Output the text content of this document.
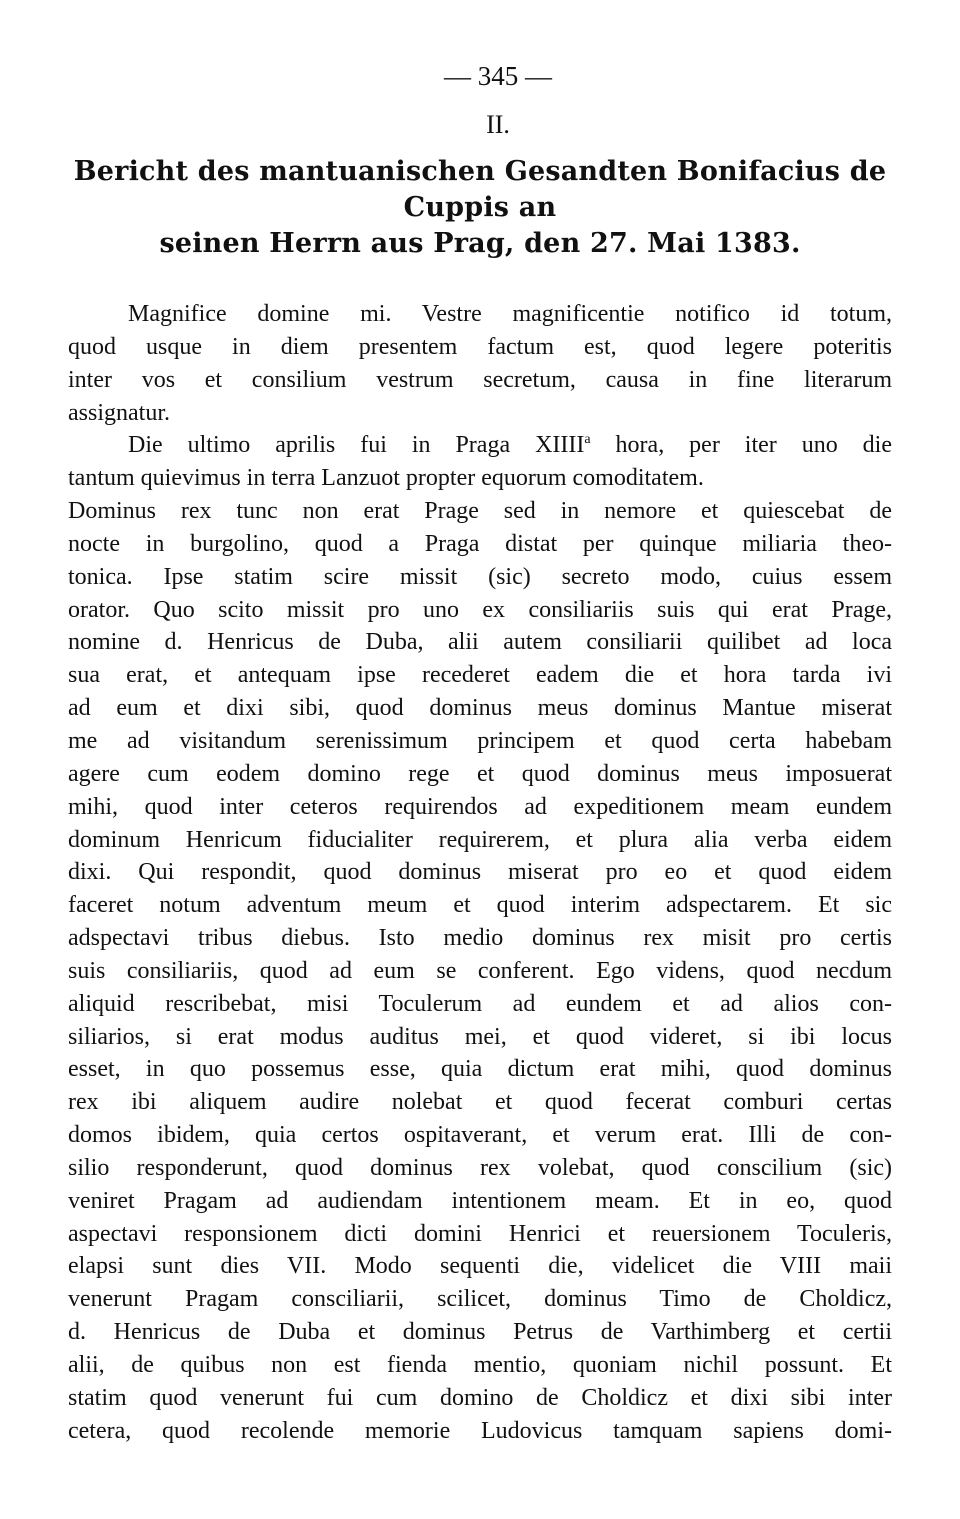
— 345 —
II.
Bericht des mantuanischen Gesandten Bonifacius de Cuppis an
seinen Herrn aus Prag, den 27. Mai 1383.
Magnifice domine mi. Vestre magnificentie notifico id totum,
quod usque in diem presentem factum est, quod legere poteritis
inter vos et consilium vestrum secretum, causa in fine literarum
assignatur.
Die ultimo aprilis fui in Praga XIIII$^a$ hora, per iter uno die
tantum quievimus in terra Lanzuot propter equorum comoditatem.
Dominus rex tunc non erat Prage sed in nemore et quiescebat de
nocte in burgolino, quod a Praga distat per quinque miliaria theo-
tonica. Ipse statim scire missit (sic) secreto modo, cuius essem
orator. Quo scito missit pro uno ex consiliariis suis qui erat Prage,
nomine d. Henricus de Duba, alii autem consiliarii quilibet ad loca
sua erat, et antequam ipse recederet eadem die et hora tarda ivi
ad eum et dixi sibi, quod dominus meus dominus Mantue miserat
me ad visitandum serenissimum principem et quod certa habebam
agere cum eodem domino rege et quod dominus meus imposuerat
mihi, quod inter ceteros requirendos ad expeditionem meam eundem
dominum Henricum fiducialiter requirerem, et plura alia verba eidem
dixi. Qui respondit, quod dominus miserat pro eo et quod eidem
faceret notum adventum meum et quod interim adspectarem. Et sic
adspectavi tribus diebus. Isto medio dominus rex misit pro certis
suis consiliariis, quod ad eum se conferent. Ego videns, quod necdum
aliquid rescribebat, misi Toculerum ad eundem et ad alios con-
siliarios, si erat modus auditus mei, et quod videret, si ibi locus
esset, in quo possemus esse, quia dictum erat mihi, quod dominus
rex ibi aliquem audire nolebat et quod fecerat comburi certas
domos ibidem, quia certos ospitaverant, et verum erat. Illi de con-
silio responderunt, quod dominus rex volebat, quod conscilium (sic)
veniret Pragam ad audiendam intentionem meam. Et in eo, quod
aspectavi responsionem dicti domini Henrici et reuersionem Toculeris,
elapsi sunt dies VII. Modo sequenti die, videlicet die VIII maii
venerunt Pragam consciliarii, scilicet, dominus Timo de Choldicz,
d. Henricus de Duba et dominus Petrus de Varthimberg et certii
alii, de quibus non est fienda mentio, quoniam nichil possunt. Et
statim quod venerunt fui cum domino de Choldicz et dixi sibi inter
cetera, quod recolende memorie Ludovicus tamquam sapiens domi-
